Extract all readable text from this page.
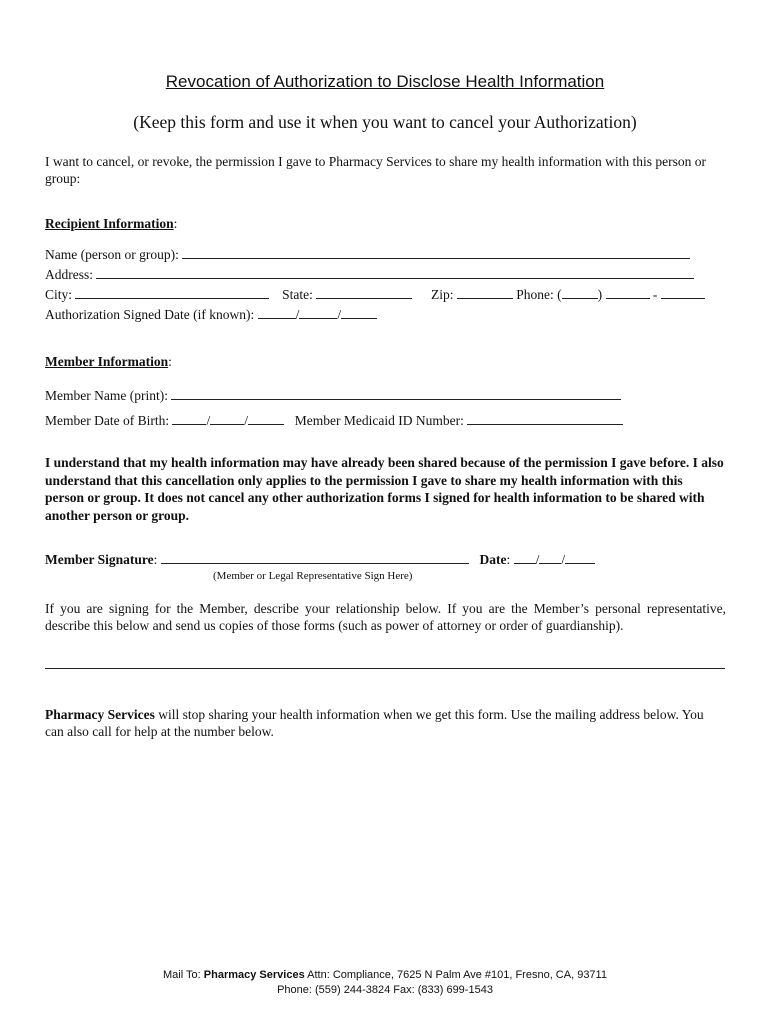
Revocation of Authorization to Disclose Health Information
(Keep this form and use it when you want to cancel your Authorization)
I want to cancel, or revoke, the permission I gave to Pharmacy Services to share my health information with this person or group:
Recipient Information:
Name (person or group):
Address:
City:	State:	Zip:	Phone: (	)	-
Authorization Signed Date (if known):	/	/
Member Information:
Member Name (print):
Member Date of Birth:	/	/	Member Medicaid ID Number:
I understand that my health information may have already been shared because of the permission I gave before. I also understand that this cancellation only applies to the permission I gave to share my health information with this person or group. It does not cancel any other authorization forms I signed for health information to be shared with another person or group.
Member Signature:	Date: / /
(Member or Legal Representative Sign Here)
If you are signing for the Member, describe your relationship below. If you are the Member’s personal representative, describe this below and send us copies of those forms (such as power of attorney or order of guardianship).
Pharmacy Services will stop sharing your health information when we get this form. Use the mailing address below. You can also call for help at the number below.
Mail To: Pharmacy Services Attn: Compliance, 7625 N Palm Ave #101, Fresno, CA, 93711
Phone: (559) 244-3824 Fax: (833) 699-1543
